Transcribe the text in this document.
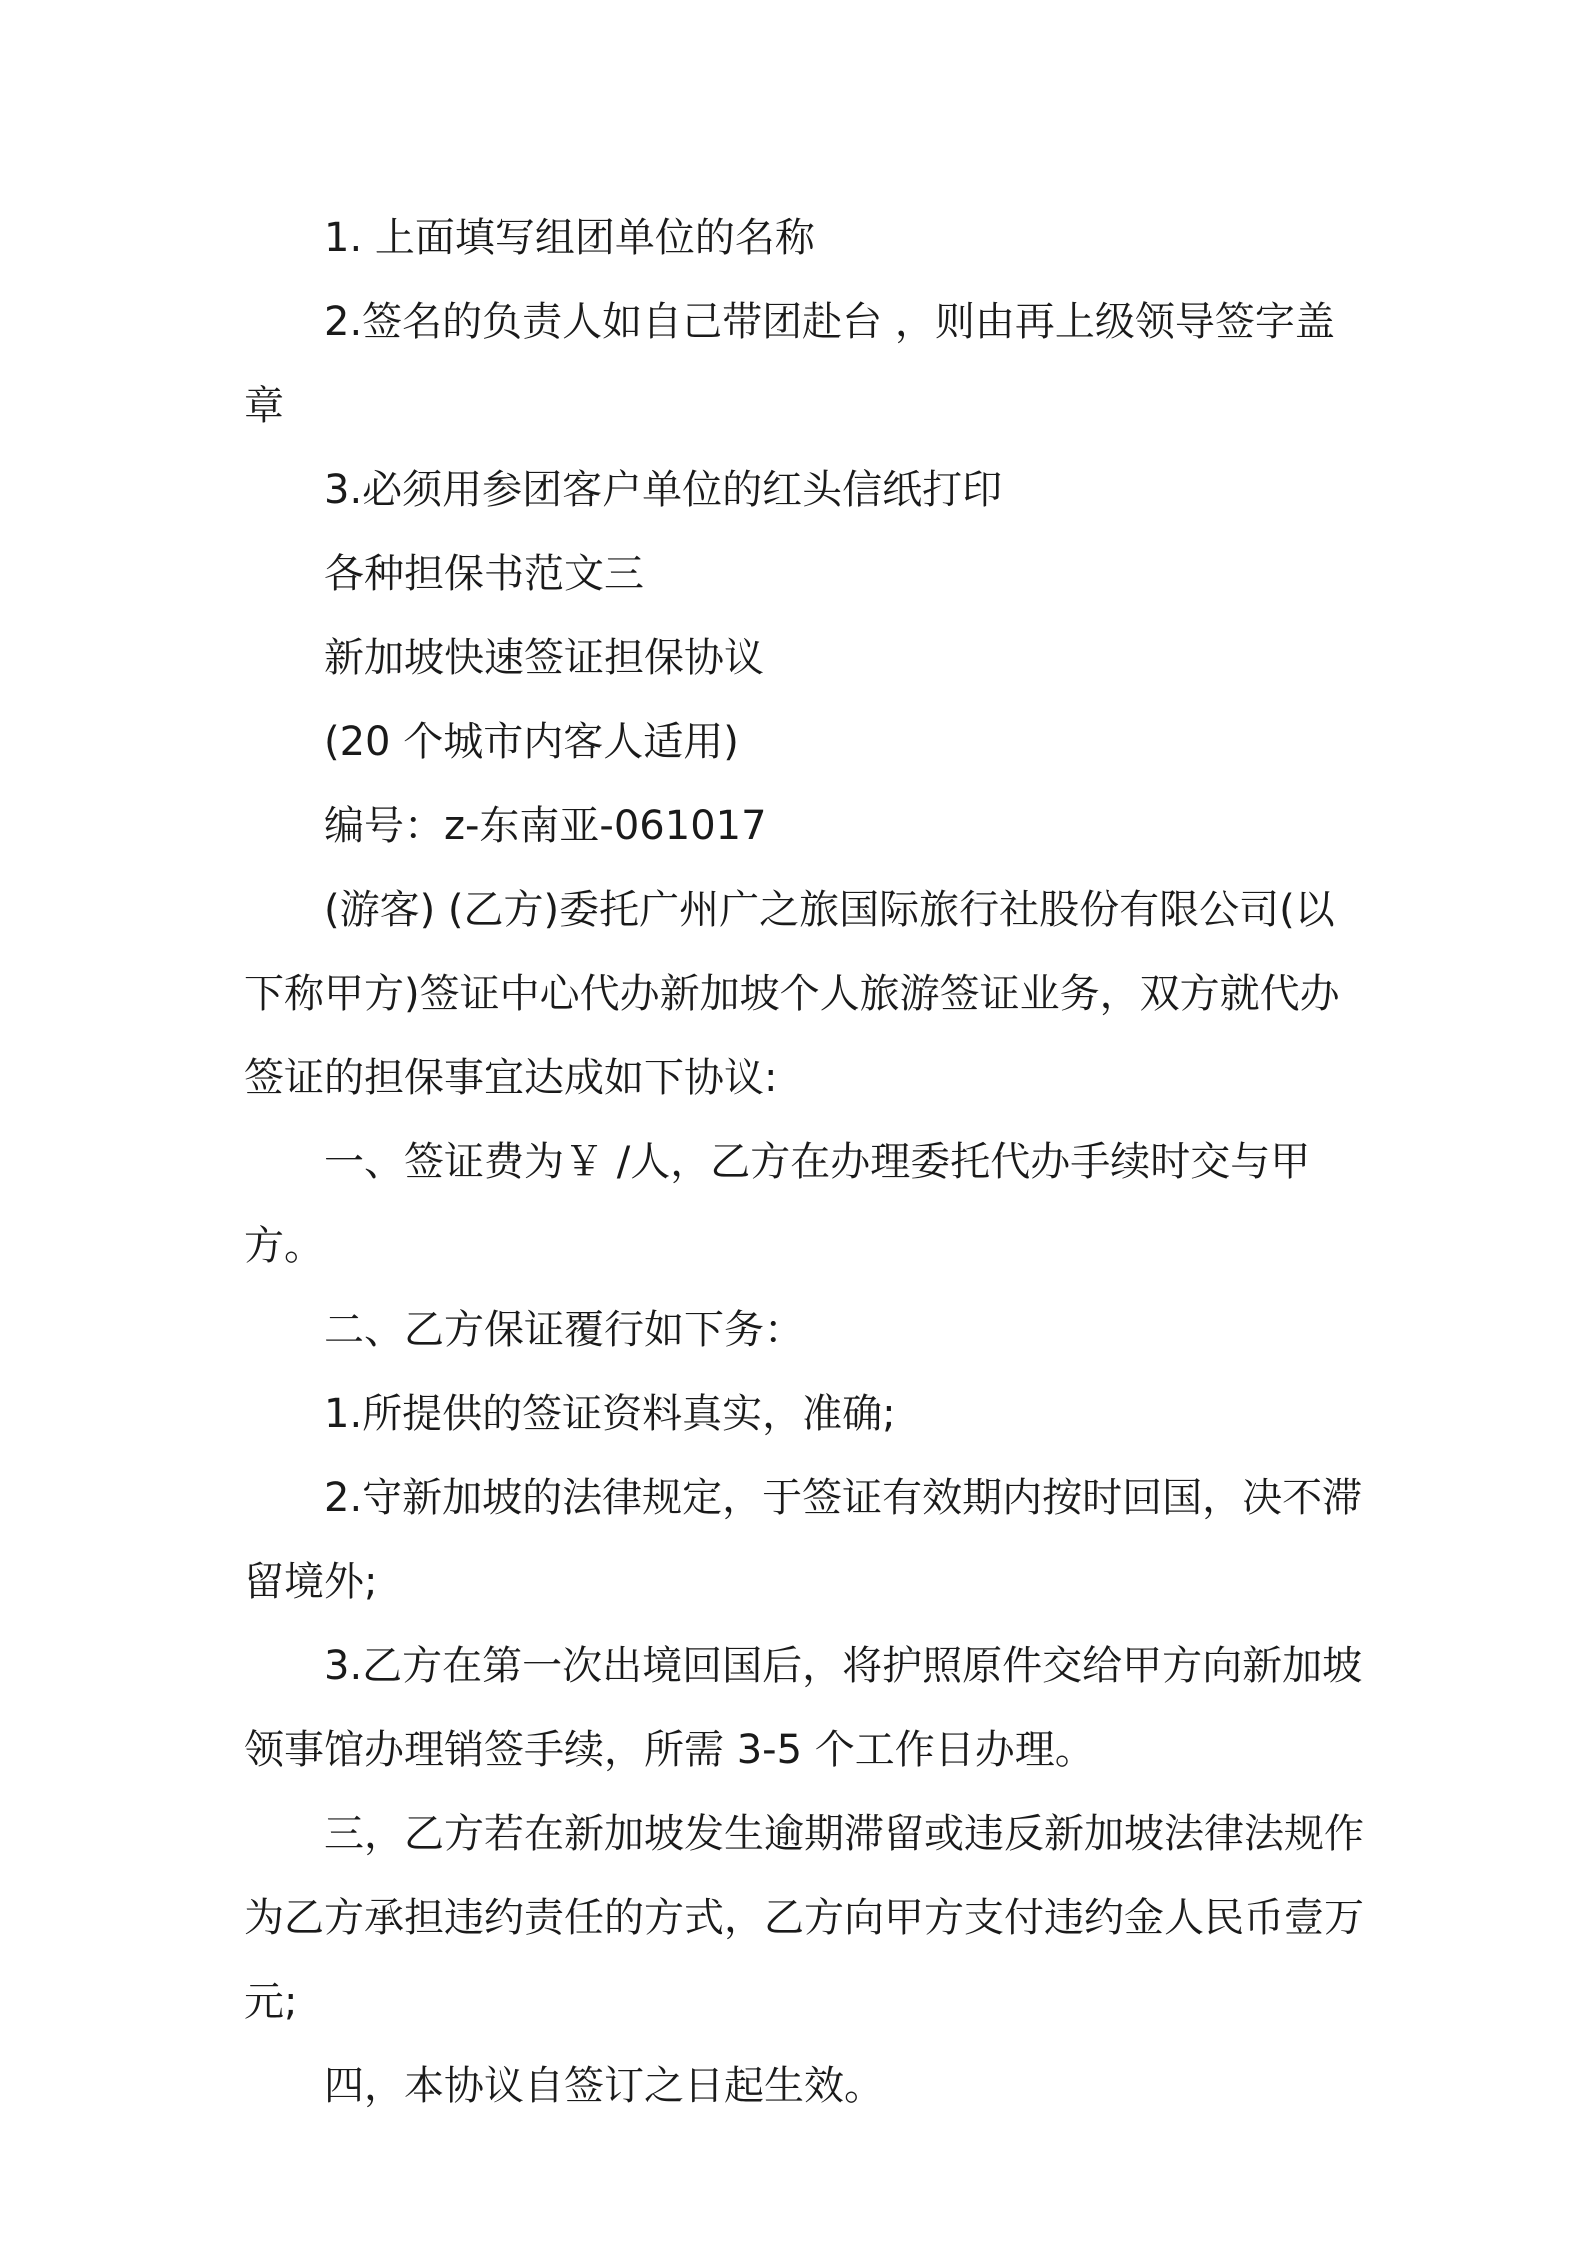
1. 上面填写组团单位的名称

2.签名的负责人如自己带团赴台 ，则由再上级领导签字盖章

3.必须用参团客户单位的红头信纸打印

各种担保书范文三

新加坡快速签证担保协议

(20 个城市内客人适用)

编号：z-东南亚-061017

(游客) (乙方)委托广州广之旅国际旅行社股份有限公司(以下称甲方)签证中心代办新加坡个人旅游签证业务，双方就代办签证的担保事宜达成如下协议:

一、签证费为￥ /人，乙方在办理委托代办手续时交与甲方。

二、乙方保证覆行如下务：

1.所提供的签证资料真实，准确;

2.守新加坡的法律规定，于签证有效期内按时回国，决不滞留境外;

3.乙方在第一次出境回国后，将护照原件交给甲方向新加坡领事馆办理销签手续，所需 3-5 个工作日办理。

三，乙方若在新加坡发生逾期滞留或违反新加坡法律法规作为乙方承担违约责任的方式，乙方向甲方支付违约金人民币壹万元;

四，本协议自签订之日起生效。
